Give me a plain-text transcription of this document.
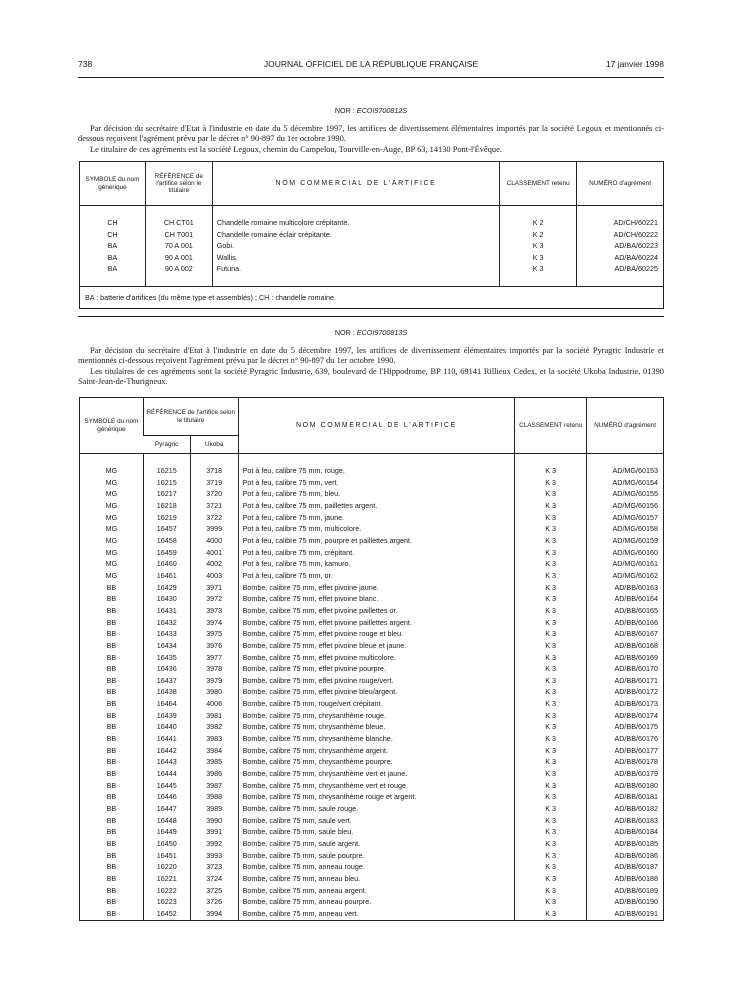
738	JOURNAL OFFICIEL DE LA RÉPUBLIQUE FRANÇAISE	17 janvier 1998
NOR : ECOI9700812S

Par décision du secrétaire d'Etat à l'industrie en date du 5 décembre 1997, les artifices de divertissement élémentaires importés par la société Legoux et mentionnés ci-dessous reçoivent l'agrément prévu par le décret n° 90-897 du 1er octobre 1990.

Le titulaire de ces agréments est la société Legoux, chemin du Campelou, Tourville-en-Auge, BP 63, 14130 Pont-l'Évêque.

SYMBOLE du nom générique	RÉFÉRENCE de l'artifice selon le titulaire	NOM COMMERCIAL DE L'ARTIFICE	CLASSEMENT retenu	NUMÉRO d'agrément

CH	CH CT01	Chandelle romaine multicolore crépitante.	K 2	AD/CH/60221
CH	CH T001	Chandelle romaine éclair crépitante.	K 2	AD/CH/60222
BA	70 A 001	Gobi.	K 3	AD/BA/60223
BA	90 A 001	Wallis.	K 3	AD/BA/60224
BA	90 A 002	Futuna.	K 3	AD/BA/60225

BA : batterie d'artifices (du même type et assemblés) ; CH : chandelle romaine.				
NOR : ECOI9700813S

Par décision du secrétaire d'Etat à l'industrie en date du 5 décembre 1997, les artifices de divertissement élémentaires importés par la société Pyragric Industrie et mentionnés ci-dessous reçoivent l'agrément prévu par le décret n° 90-897 du 1er octobre 1990.

Les titulaires de ces agréments sont la société Pyragric Industrie, 639, boulevard de l'Hippodrome, BP 110, 69141 Rillieux Cedex, et la société Ukoba Industrie, 01390 Saint-Jean-de-Thurigneux.

SYMBOLE du nom générique	RÉFÉRENCE de l'artifice selon le titulaire		NOM COMMERCIAL DE L'ARTIFICE	CLASSEMENT retenu	NUMÉRO d'agrément
	Pyragric	Ukoba			

MG	16215	3718	Pot à feu, calibre 75 mm, rouge.	K 3	AD/MG/60153
MG	16215	3719	Pot à feu, calibre 75 mm, vert.	K 3	AD/MG/60154
MG	16217	3720	Pot à feu, calibre 75 mm, bleu.	K 3	AD/MG/60155
MG	16218	3721	Pot à feu, calibre 75 mm, paillettes argent.	K 3	AD/MG/60156
MG	16219	3722	Pot à feu, calibre 75 mm, jaune.	K 3	AD/MG/60157
MG	16457	3999	Pot à feu, calibre 75 mm, multicolore.	K 3	AD/MG/60158
MG	16458	4000	Pot à feu, calibre 75 mm, pourpre et paillettes argent.	K 3	AD/MG/60159
MG	16459	4001	Pot à feu, calibre 75 mm, crépitant.	K 3	AD/MG/60160
MG	16460	4002	Pot à feu, calibre 75 mm, kamuro.	K 3	AD/MG/60161
MG	16461	4003	Pot à feu, calibre 75 mm, or.	K 3	AD/MG/60162
BB	16429	3971	Bombe, calibre 75 mm, effet pivoine jaune.	K 3	AD/BB/60163
BB	16430	3972	Bombe, calibre 75 mm, effet pivoine blanc.	K 3	AD/BB/60164
BB	16431	3973	Bombe, calibre 75 mm, effet pivoine paillettes or.	K 3	AD/BB/60165
BB	16432	3974	Bombe, calibre 75 mm, effet pivoine paillettes argent.	K 3	AD/BB/60166
BB	16433	3975	Bombe, calibre 75 mm, effet pivoine rouge et bleu.	K 3	AD/BB/60167
BB	16434	3976	Bombe, calibre 75 mm, effet pivoine bleue et jaune.	K 3	AD/BB/60168
BB	16435	3977	Bombe, calibre 75 mm, effet pivoine multicolore.	K 3	AD/BB/60169
BB	16436	3978	Bombe, calibre 75 mm, effet pivoine pourpre.	K 3	AD/BB/60170
BB	16437	3979	Bombe, calibre 75 mm, effet pivoine rouge/vert.	K 3	AD/BB/60171
BB	16438	3980	Bombe, calibre 75 mm, effet pivoine bleu/argent.	K 3	AD/BB/60172
BB	16464	4006	Bombe, calibre 75 mm, rouge/vert crépitant.	K 3	AD/BB/60173
BB	16439	3981	Bombe, calibre 75 mm, chrysanthème rouge.	K 3	AD/BB/60174
BB	16440	3982	Bombe, calibre 75 mm, chrysanthème bleue.	K 3	AD/BB/60175
BB	16441	3983	Bombe, calibre 75 mm, chrysanthème blanche.	K 3	AD/BB/60176
BB	16442	3984	Bombe, calibre 75 mm, chrysanthème argent.	K 3	AD/BB/60177
BB	16443	3985	Bombe, calibre 75 mm, chrysanthème pourpre.	K 3	AD/BB/60178
BB	16444	3986	Bombe, calibre 75 mm, chrysanthème vert et jaune.	K 3	AD/BB/60179
BB	16445	3987	Bombe, calibre 75 mm, chrysanthème vert et rouge.	K 3	AD/BB/60180
BB	16446	3988	Bombe, calibre 75 mm, chrysanthème rouge et argent.	K 3	AD/BB/60181
BB	16447	3989	Bombe, calibre 75 mm, saule rouge.	K 3	AD/BB/60182
BB	16448	3990	Bombe, calibre 75 mm, saule vert.	K 3	AD/BB/60183
BB	16449	3991	Bombe, calibre 75 mm, saule bleu.	K 3	AD/BB/60184
BB	16450	3992	Bombe, calibre 75 mm, saule argent.	K 3	AD/BB/60185
BB	16451	3993	Bombe, calibre 75 mm, saule pourpre.	K 3	AD/BB/60186
BB	16220	3723	Bombe, calibre 75 mm, anneau rouge.	K 3	AD/BB/60187
BB	16221	3724	Bombe, calibre 75 mm, anneau bleu.	K 3	AD/BB/60188
BB	16222	3725	Bombe, calibre 75 mm, anneau argent.	K 3	AD/BB/60189
BB	16223	3726	Bombe, calibre 75 mm, anneau pourpre.	K 3	AD/BB/60190
BB	16452	3994	Bombe, calibre 75 mm, anneau vert.	K 3	AD/BB/60191
